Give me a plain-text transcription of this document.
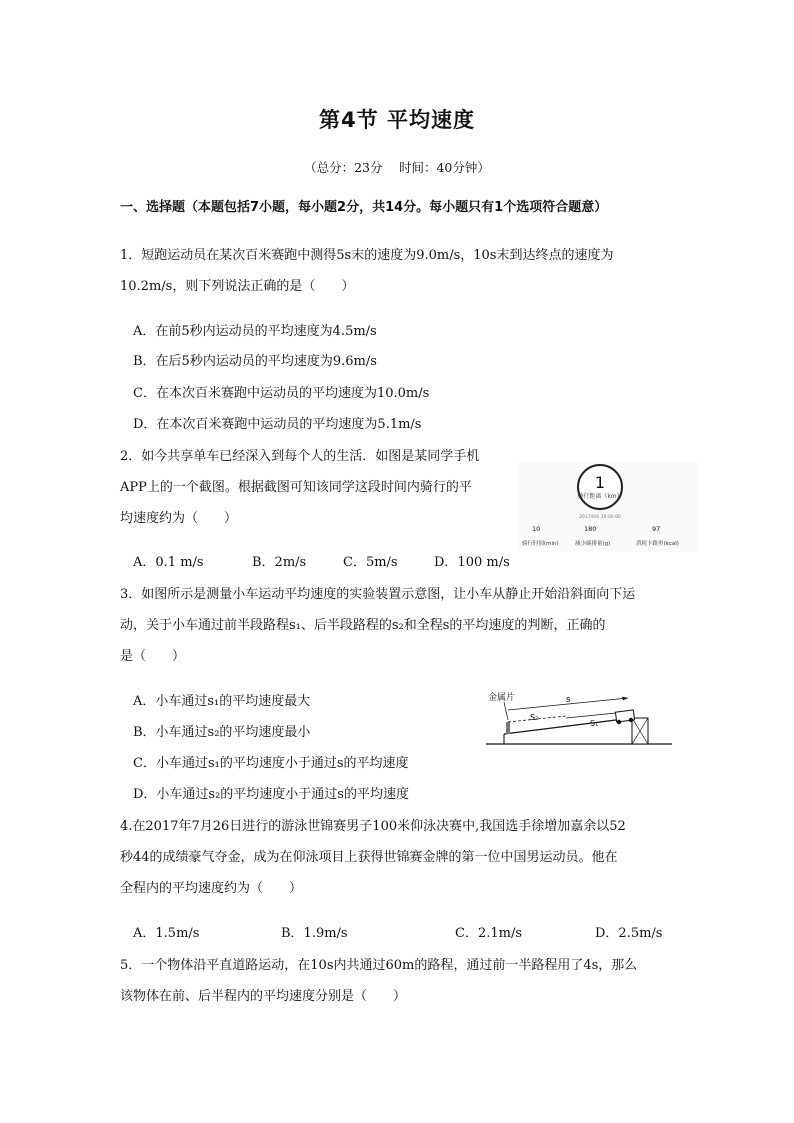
第4节 平均速度
（总分：23分　 时间：40分钟）
一、选择题（本题包括7小题，每小题2分，共14分。每小题只有1个选项符合题意）
1．短跑运动员在某次百米赛跑中测得5s末的速度为9.0m/s，10s末到达终点的速度为
10.2m/s，则下列说法正确的是（　　）
A．在前5秒内运动员的平均速度为4.5m/s
B．在后5秒内运动员的平均速度为9.6m/s
C．在本次百米赛跑中运动员的平均速度为10.0m/s
D．在本次百米赛跑中运动员的平均速度为5.1m/s
2．如今共享单车已经深入到每个人的生活．如图是某同学手机
APP上的一个截图。根据截图可知该同学这段时间内骑行的平
均速度约为（　　）
A．0.1 m/s	B．2m/s	C．5m/s	D．100 m/s
1
骑行距离（km）
2017/6/6 19:00:00
10	180	97
骑行时间(min)	减少碳排量(g)	消耗卡路里(kcal)
3．如图所示是测量小车运动平均速度的实验装置示意图，让小车从静止开始沿斜面向下运
动，关于小车通过前半段路程s₁、后半段路程的s₂和全程s的平均速度的判断，正确的
是（　　）
A．小车通过s₁的平均速度最大
B．小车通过s₂的平均速度最小
C．小车通过s₁的平均速度小于通过s的平均速度
D．小车通过s₂的平均速度小于通过s的平均速度
金属片	s
S₁
S₂
4.在2017年7月26日进行的游泳世锦赛男子100米仰泳决赛中,我国选手徐增加嘉余以52
秒44的成绩豪气夺金，成为在仰泳项目上获得世锦赛金牌的第一位中国男运动员。他在
全程内的平均速度约为（　　）
A．1.5m/s	B．1.9m/s	C．2.1m/s	D．2.5m/s
5．一个物体沿平直道路运动，在10s内共通过60m的路程，通过前一半路程用了4s，那么
该物体在前、后半程内的平均速度分别是（　　）
